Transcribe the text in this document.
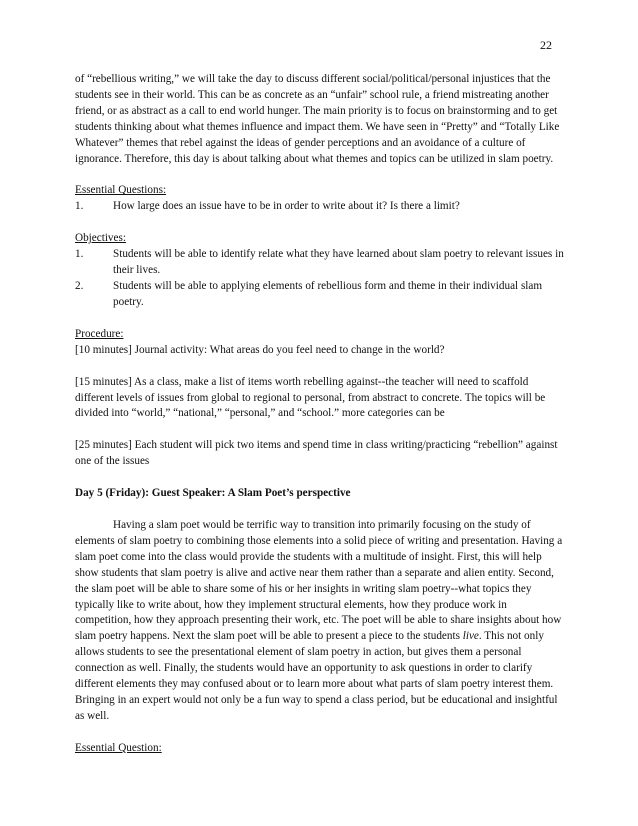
22

of “rebellious writing,” we will take the day to discuss different social/political/personal injustices that the students see in their world. This can be as concrete as an “unfair” school rule, a friend mistreating another friend, or as abstract as a call to end world hunger. The main priority is to focus on brainstorming and to get students thinking about what themes influence and impact them. We have seen in “Pretty” and “Totally Like Whatever” themes that rebel against the ideas of gender perceptions and an avoidance of a culture of ignorance. Therefore, this day is about talking about what themes and topics can be utilized in slam poetry.

Essential Questions:

1.	How large does an issue have to be in order to write about it? Is there a limit?

Objectives:

1.	Students will be able to identify relate what they have learned about slam poetry to relevant issues in their lives.
2.	Students will be able to applying elements of rebellious form and theme in their individual slam poetry.

Procedure:

[10 minutes] Journal activity: What areas do you feel need to change in the world?

[15 minutes] As a class, make a list of items worth rebelling against--the teacher will need to scaffold different levels of issues from global to regional to personal, from abstract to concrete. The topics will be divided into “world,” “national,” “personal,” and “school.” more categories can be

[25 minutes] Each student will pick two items and spend time in class writing/practicing “rebellion” against one of the issues

Day 5 (Friday): Guest Speaker: A Slam Poet’s perspective

Having a slam poet would be terrific way to transition into primarily focusing on the study of elements of slam poetry to combining those elements into a solid piece of writing and presentation. Having a slam poet come into the class would provide the students with a multitude of insight. First, this will help show students that slam poetry is alive and active near them rather than a separate and alien entity. Second, the slam poet will be able to share some of his or her insights in writing slam poetry--what topics they typically like to write about, how they implement structural elements, how they produce work in competition, how they approach presenting their work, etc. The poet will be able to share insights about how slam poetry happens. Next the slam poet will be able to present a piece to the students live. This not only allows students to see the presentational element of slam poetry in action, but gives them a personal connection as well. Finally, the students would have an opportunity to ask questions in order to clarify different elements they may confused about or to learn more about what parts of slam poetry interest them. Bringing in an expert would not only be a fun way to spend a class period, but be educational and insightful as well.

Essential Question:
